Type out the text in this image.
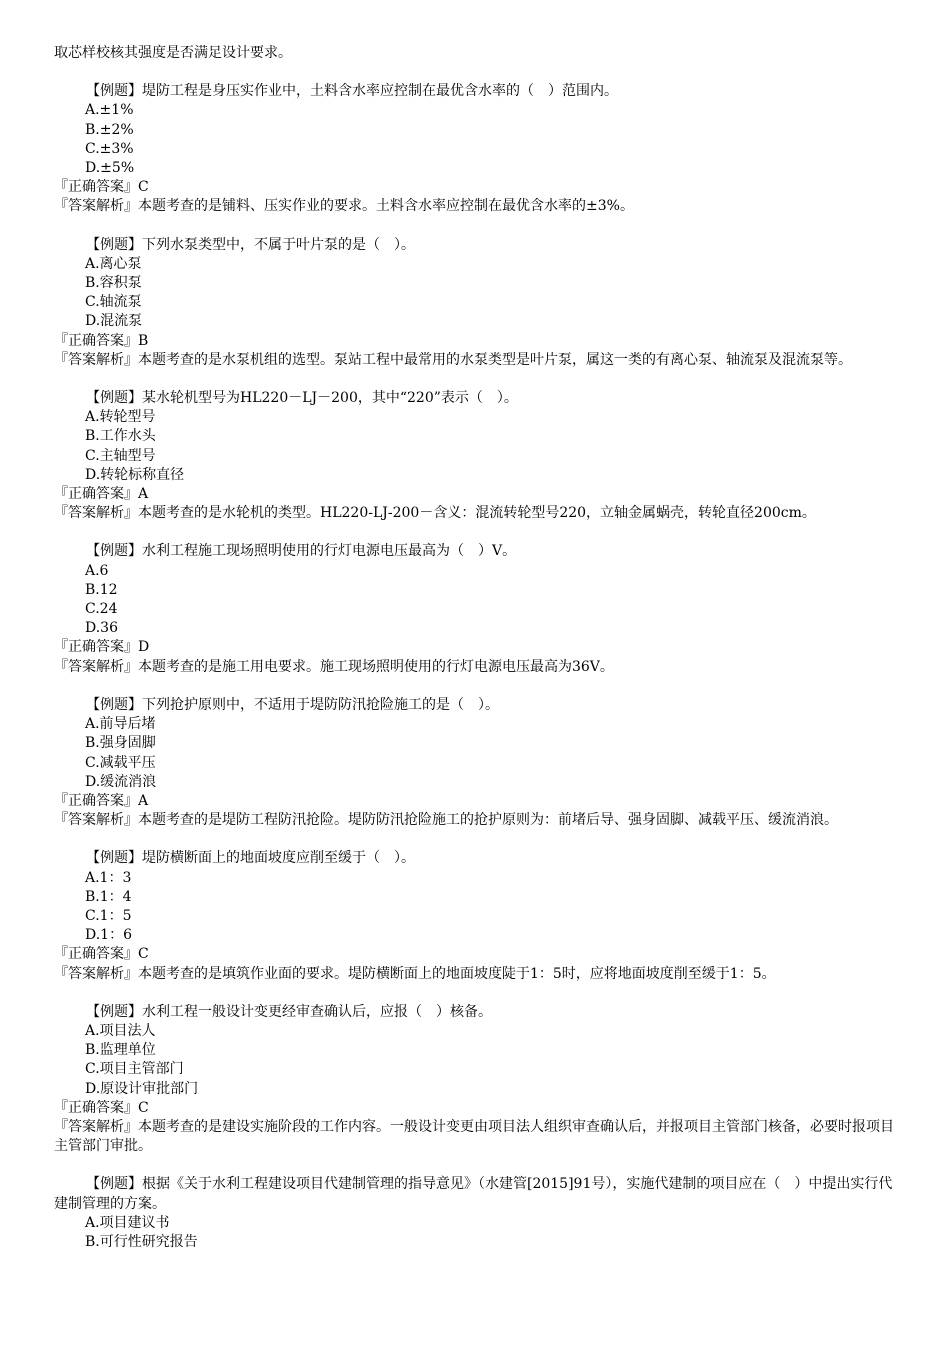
取芯样校核其强度是否满足设计要求。

【例题】堤防工程是身压实作业中，土料含水率应控制在最优含水率的（　）范围内。

A.±1%

B.±2%

C.±3%

D.±5%

『正确答案』C

『答案解析』本题考查的是铺料、压实作业的要求。土料含水率应控制在最优含水率的±3%。

【例题】下列水泵类型中，不属于叶片泵的是（　）。

A.离心泵

B.容积泵

C.轴流泵

D.混流泵

『正确答案』B

『答案解析』本题考查的是水泵机组的选型。泵站工程中最常用的水泵类型是叶片泵，属这一类的有离心泵、轴流泵及混流泵等。

【例题】某水轮机型号为HL220－LJ－200，其中“220”表示（　）。

A.转轮型号

B.工作水头

C.主轴型号

D.转轮标称直径

『正确答案』A

『答案解析』本题考查的是水轮机的类型。HL220-LJ-200－含义：混流转轮型号220，立轴金属蜗壳，转轮直径200cm。

【例题】水利工程施工现场照明使用的行灯电源电压最高为（　）V。

A.6

B.12

C.24

D.36

『正确答案』D

『答案解析』本题考查的是施工用电要求。施工现场照明使用的行灯电源电压最高为36V。

【例题】下列抢护原则中，不适用于堤防防汛抢险施工的是（　）。

A.前导后堵

B.强身固脚

C.减载平压

D.缓流消浪

『正确答案』A

『答案解析』本题考查的是堤防工程防汛抢险。堤防防汛抢险施工的抢护原则为：前堵后导、强身固脚、减载平压、缓流消浪。

【例题】堤防横断面上的地面坡度应削至缓于（　）。

A.1：3

B.1：4

C.1：5

D.1：6

『正确答案』C

『答案解析』本题考查的是填筑作业面的要求。堤防横断面上的地面坡度陡于1：5时，应将地面坡度削至缓于1：5。

【例题】水利工程一般设计变更经审查确认后，应报（　）核备。

A.项目法人

B.监理单位

C.项目主管部门

D.原设计审批部门

『正确答案』C

『答案解析』本题考查的是建设实施阶段的工作内容。一般设计变更由项目法人组织审查确认后，并报项目主管部门核备，必要时报项目主管部门审批。

【例题】根据《关于水利工程建设项目代建制管理的指导意见》（水建管[2015]91号），实施代建制的项目应在（　）中提出实行代建制管理的方案。

A.项目建议书

B.可行性研究报告
